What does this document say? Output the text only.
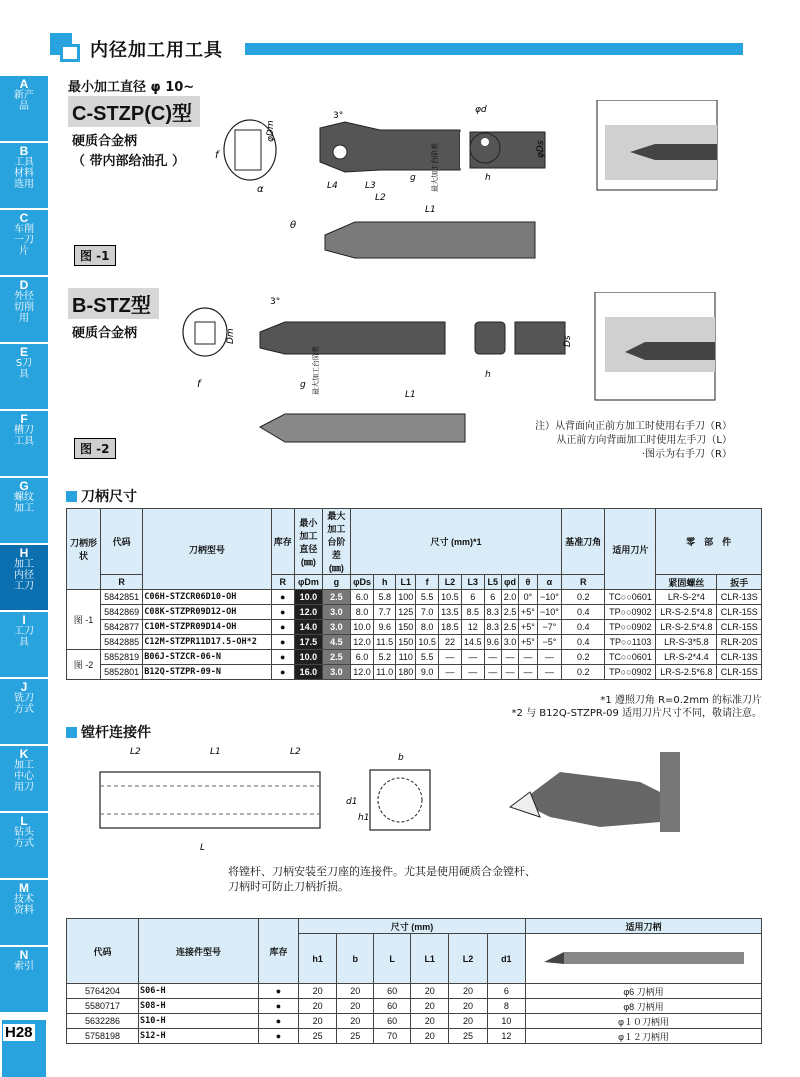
A
新产品
B
工具材料选用
C
车削一刀片
D
外径切削用
E
S刀具
F
槽刀工具
G
螺纹加工
H
加工内径工刀
I
工刀具
J
铣刀方式
K
加工中心用刀
L
钻头方式
M
技术资料
N
索引
H28
内径加工用工具
最小加工直径 φ 10~
C-STZP(C)型
硬质合金柄
（ 带内部给油孔 ）
图 -1
f
α
φDm
3°
L4	L3
L2
L1
g 最大加工台阶差
φd
h
φDs
θ
B-STZ型
硬质合金柄
图 -2
f
Dm
3°
g 最大加工台阶差	L1
h
Ds
注）从背面向正前方加工时使用右手刀（R）
从正前方向背面加工时使用左手刀（L）
·图示为右手刀（R）
刀柄尺寸
刀柄形状	代码	刀柄型号	库存	最小加工直径 (㎜)	最大加工台阶差 (㎜)	尺寸 (mm)*1										基准刀角	适用刀片	零　部　件	
	R		R	φDm	g	φDs	h	L1	f	L2	L3	L5	φd	θ	α	R		紧固螺丝	扳手
图 -1	5842851	C06H-STZCR06D10-OH	●	10.0	2.5	6.0	5.8	100	5.5	10.5	6	6	2.0	0°	−10°	0.2	TC○○0601	LR-S-2*4	CLR-13S
	5842869	C08K-STZPR09D12-OH	●	12.0	3.0	8.0	7.7	125	7.0	13.5	8.5	8.3	2.5	+5°	−10°	0.4	TP○○0902	LR-S-2.5*4.8	CLR-15S
	5842877	C10M-STZPR09D14-OH	●	14.0	3.0	10.0	9.6	150	8.0	18.5	12	8.3	2.5	+5°	−7°	0.4	TP○○0902	LR-S-2.5*4.8	CLR-15S
	5842885	C12M-STZPR11D17.5-OH*2	●	17.5	4.5	12.0	11.5	150	10.5	22	14.5	9.6	3.0	+5°	−5°	0.4	TP○○1103	LR-S-3*5.8	RLR-20S
图 -2	5852819	B06J-STZCR-06-N	●	10.0	2.5	6.0	5.2	110	5.5	—	—	—	—	—	—	0.2	TC○○0601	LR-S-2*4.4	CLR-13S
	5852801	B12Q-STZPR-09-N	●	16.0	3.0	12.0	11.0	180	9.0	—	—	—	—	—	—	0.2	TP○○0902	LR-S-2.5*6.8	CLR-15S
*1 遵照刀角 R=0.2mm 的标准刀片
*2 与 B12Q-STZPR-09 适用刀片尺寸不同，敬请注意。
镗杆连接件
L2	L1	L2
L
b
d1
h1
将镗杆、刀柄安装至刀座的连接件。尤其是使用硬质合金镗杆、
刀柄时可防止刀柄折损。
代码	连接件型号	库存	尺寸 (mm)						适用刀柄
			h1	b	L	L1	L2	d1	
5764204	S06-H	●	20	20	60	20	20	6	φ6 刀柄用
5580717	S08-H	●	20	20	60	20	20	8	φ8 刀柄用
5632286	S10-H	●	20	20	60	20	20	10	φ１０刀柄用
5758198	S12-H	●	25	25	70	20	25	12	φ１２刀柄用
